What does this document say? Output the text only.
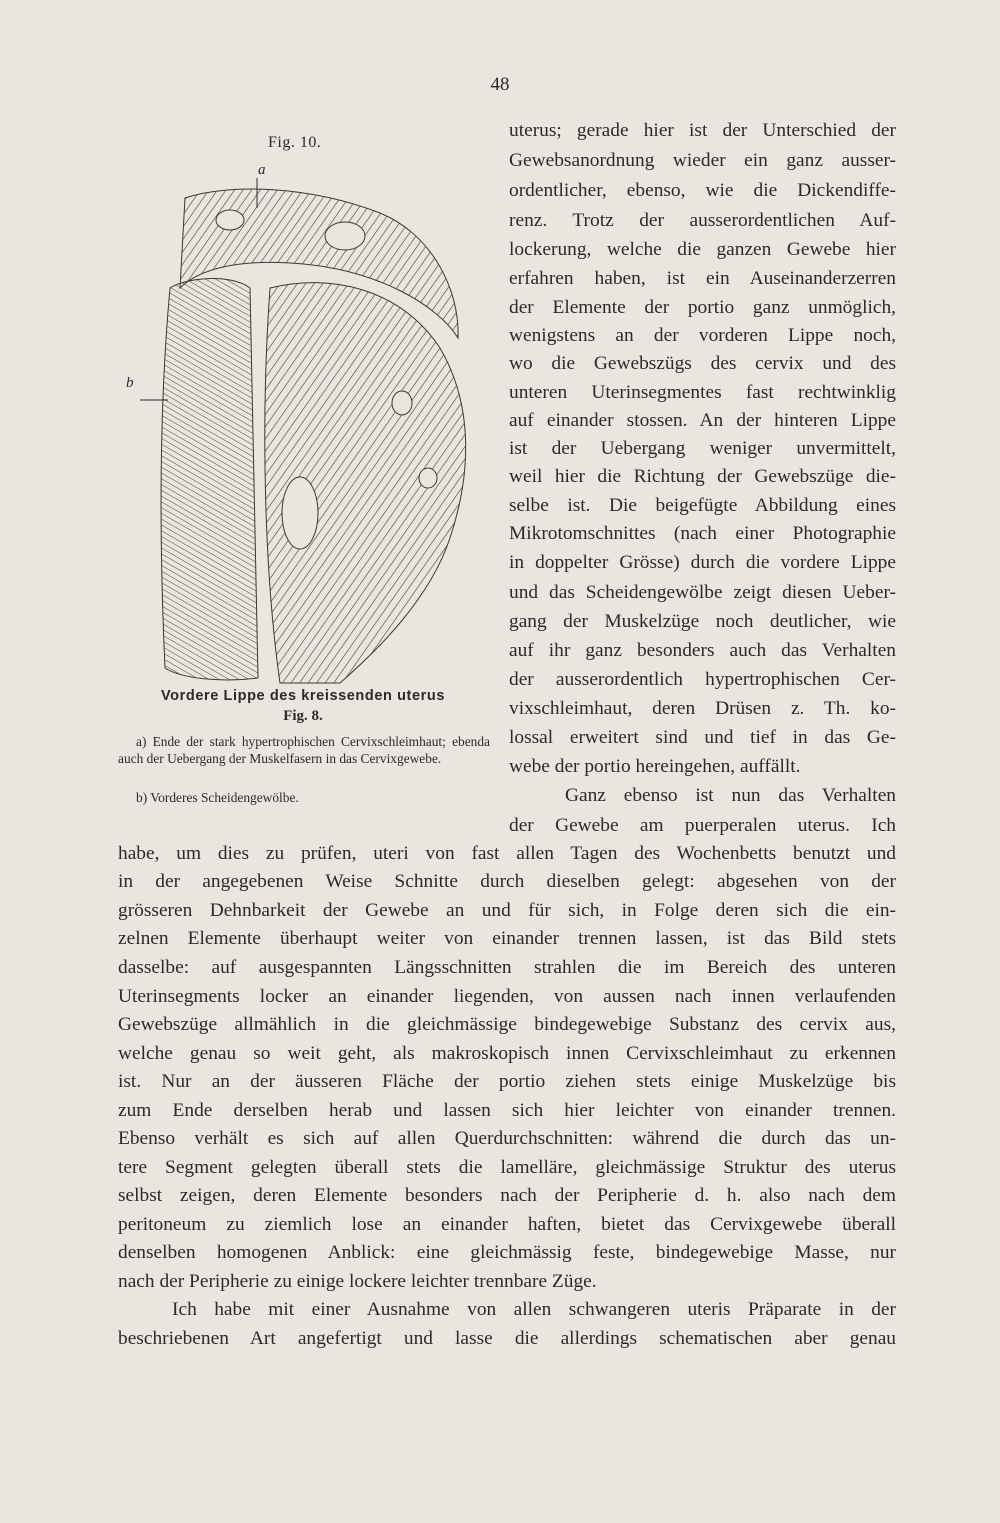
48
Fig. 10.
a
b
Vordere Lippe des kreissenden uterus
Fig. 8.
a) Ende der stark hypertrophischen Cervixschleimhaut; ebenda auch der Uebergang der Muskelfasern in das Cervixgewebe.
b) Vorderes Scheidengewölbe.
uterus; gerade hier ist der Unterschied der
Gewebsanordnung wieder ein ganz ausser-
ordentlicher, ebenso, wie die Dickendiffe-
renz. Trotz der ausserordentlichen Auf-
lockerung, welche die ganzen Gewebe hier
erfahren haben, ist ein Auseinanderzerren
der Elemente der portio ganz unmöglich,
wenigstens an der vorderen Lippe noch,
wo die Gewebszügs des cervix und des
unteren Uterinsegmentes fast rechtwinklig
auf einander stossen. An der hinteren Lippe
ist der Uebergang weniger unvermittelt,
weil hier die Richtung der Gewebszüge die-
selbe ist. Die beigefügte Abbildung eines
Mikrotomschnittes (nach einer Photographie
in doppelter Grösse) durch die vordere Lippe
und das Scheidengewölbe zeigt diesen Ueber-
gang der Muskelzüge noch deutlicher, wie
auf ihr ganz besonders auch das Verhalten
der ausserordentlich hypertrophischen Cer-
vixschleimhaut, deren Drüsen z. Th. ko-
lossal erweitert sind und tief in das Ge-
webe der portio hereingehen, auffällt.
Ganz ebenso ist nun das Verhalten
der Gewebe am puerperalen uterus. Ich
habe, um dies zu prüfen, uteri von fast allen Tagen des Wochenbetts benutzt und
in der angegebenen Weise Schnitte durch dieselben gelegt: abgesehen von der
grösseren Dehnbarkeit der Gewebe an und für sich, in Folge deren sich die ein-
zelnen Elemente überhaupt weiter von einander trennen lassen, ist das Bild stets
dasselbe: auf ausgespannten Längsschnitten strahlen die im Bereich des unteren
Uterinsegments locker an einander liegenden, von aussen nach innen verlaufenden
Gewebszüge allmählich in die gleichmässige bindegewebige Substanz des cervix aus,
welche genau so weit geht, als makroskopisch innen Cervixschleimhaut zu erkennen
ist. Nur an der äusseren Fläche der portio ziehen stets einige Muskelzüge bis
zum Ende derselben herab und lassen sich hier leichter von einander trennen.
Ebenso verhält es sich auf allen Querdurchschnitten: während die durch das un-
tere Segment gelegten überall stets die lamelläre, gleichmässige Struktur des uterus
selbst zeigen, deren Elemente besonders nach der Peripherie d. h. also nach dem
peritoneum zu ziemlich lose an einander haften, bietet das Cervixgewebe überall
denselben homogenen Anblick: eine gleichmässig feste, bindegewebige Masse, nur
nach der Peripherie zu einige lockere leichter trennbare Züge.
Ich habe mit einer Ausnahme von allen schwangeren uteris Präparate in der
beschriebenen Art angefertigt und lasse die allerdings schematischen aber genau
